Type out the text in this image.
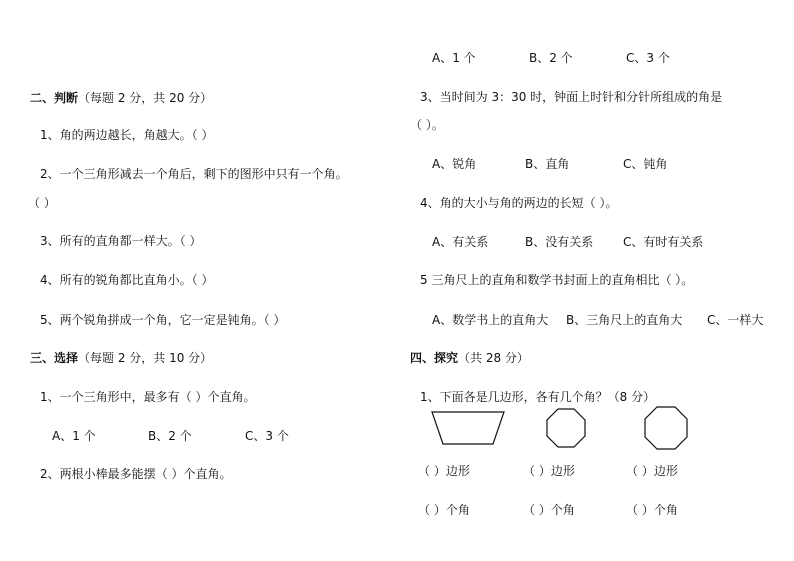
二、判断（每题 2 分，共 20 分）
1、角的两边越长，角越大。（ ）
2、一个三角形减去一个角后，剩下的图形中只有一个角。
（ ）
3、所有的直角都一样大。（ ）
4、所有的锐角都比直角小。（ ）
5、两个锐角拼成一个角，它一定是钝角。（ ）
三、选择（每题 2 分，共 10 分）
1、一个三角形中，最多有（ ）个直角。
A、1 个	B、2 个	C、3 个
2、两根小棒最多能摆（ ）个直角。
A、1 个	B、2 个	C、3 个
3、当时间为 3：30 时，钟面上时针和分针所组成的角是
（ ）。
A、锐角	B、直角	C、钝角
4、角的大小与角的两边的长短（ ）。
A、有关系	B、没有关系 C、有时有关系
5 三角尺上的直角和数学书封面上的直角相比（ ）。
A、数学书上的直角大 B、三角尺上的直角大 C、一样大
四、探究（共 28 分）
1、下面各是几边形，各有几个角？（8 分）
（ ）边形	（ ）边形	（ ）边形
（ ）个角	（ ）个角	（ ）个角
